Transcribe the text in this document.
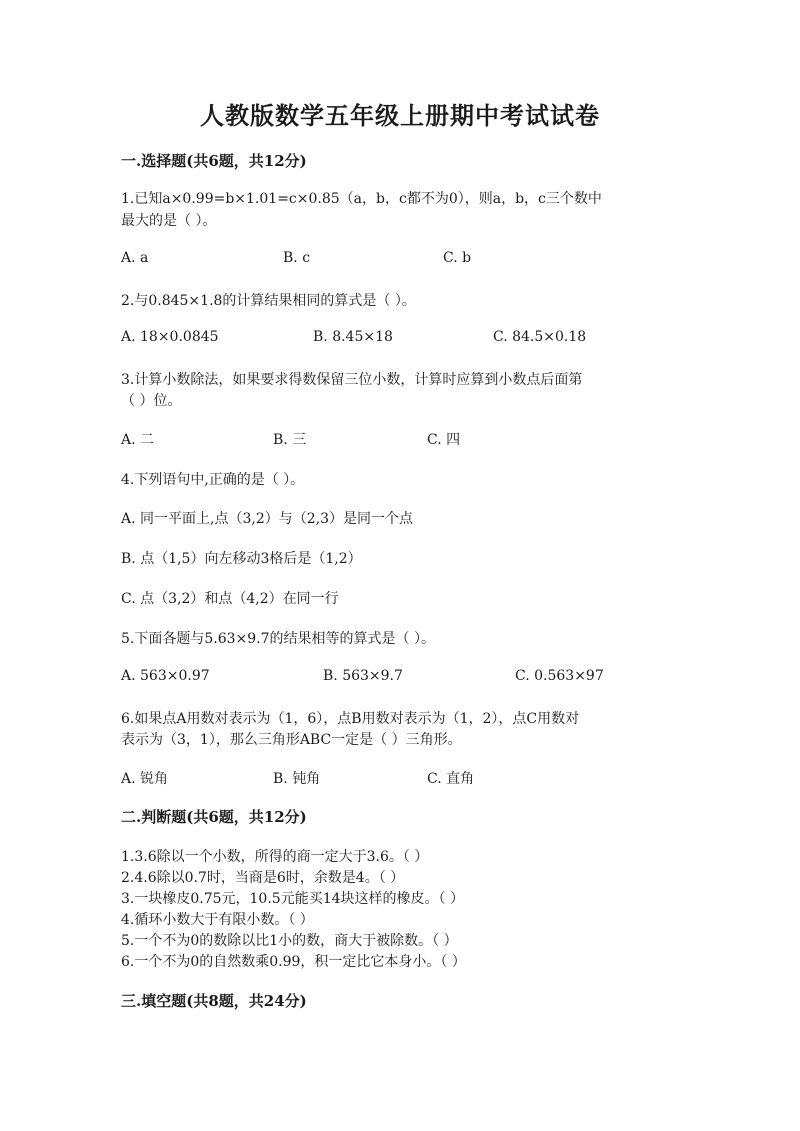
人教版数学五年级上册期中考试试卷
一.选择题(共6题，共12分)
1.已知a×0.99=b×1.01=c×0.85（a，b，c都不为0），则a，b，c三个数中
最大的是（ ）。
A. a	B. c	C. b
2.与0.845×1.8的计算结果相同的算式是（ ）。
A. 18×0.0845	B. 8.45×18	C. 84.5×0.18
3.计算小数除法，如果要求得数保留三位小数，计算时应算到小数点后面第
（ ）位。
A. 二	B. 三	C. 四
4.下列语句中,正确的是（ ）。
A. 同一平面上,点（3,2）与（2,3）是同一个点
B. 点（1,5）向左移动3格后是（1,2）
C. 点（3,2）和点（4,2）在同一行
5.下面各题与5.63×9.7的结果相等的算式是（ ）。
A. 563×0.97	B. 563×9.7	C. 0.563×97
6.如果点A用数对表示为（1，6），点B用数对表示为（1，2），点C用数对
表示为（3，1），那么三角形ABC一定是（ ）三角形。
A. 锐角	B. 钝角	C. 直角
二.判断题(共6题，共12分)
1.3.6除以一个小数，所得的商一定大于3.6。（ ）
2.4.6除以0.7时，当商是6时，余数是4。（ ）
3.一块橡皮0.75元，10.5元能买14块这样的橡皮。（ ）
4.循环小数大于有限小数。（ ）
5.一个不为0的数除以比1小的数，商大于被除数。（ ）
6.一个不为0的自然数乘0.99，积一定比它本身小。（ ）
三.填空题(共8题，共24分)
